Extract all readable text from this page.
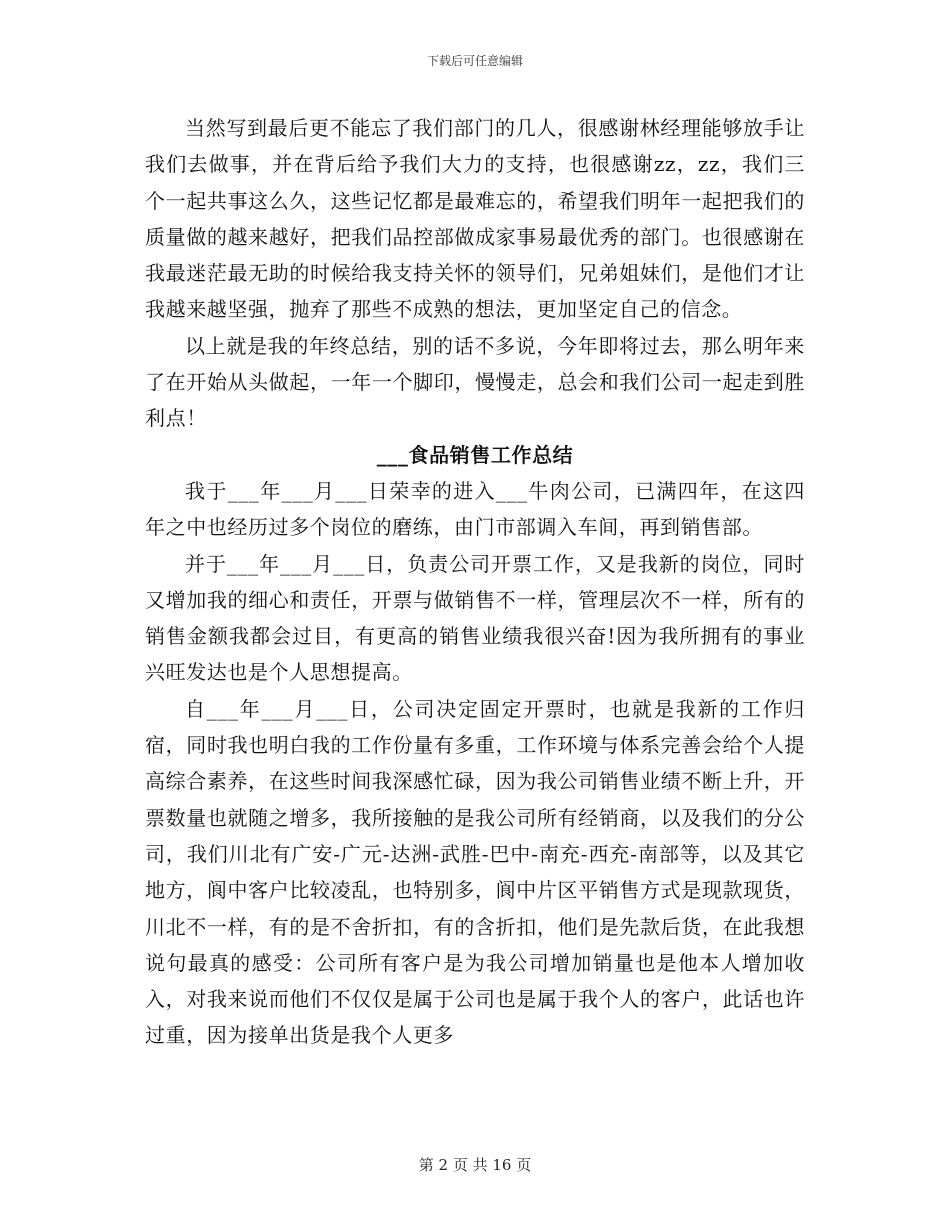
下载后可任意编辑

当然写到最后更不能忘了我们部门的几人，很感谢林经理能够放手让我们去做事，并在背后给予我们大力的支持，也很感谢zz，zz，我们三个一起共事这么久，这些记忆都是最难忘的，希望我们明年一起把我们的质量做的越来越好，把我们品控部做成家事易最优秀的部门。也很感谢在我最迷茫最无助的时候给我支持关怀的领导们，兄弟姐妹们，是他们才让我越来越坚强，抛弃了那些不成熟的想法，更加坚定自己的信念。

以上就是我的年终总结，别的话不多说，今年即将过去，那么明年来了在开始从头做起，一年一个脚印，慢慢走，总会和我们公司一起走到胜利点！

___食品销售工作总结

我于___年___月___日荣幸的进入___牛肉公司，已满四年，在这四年之中也经历过多个岗位的磨练，由门市部调入车间，再到销售部。

并于___年___月___日，负责公司开票工作，又是我新的岗位，同时又增加我的细心和责任，开票与做销售不一样，管理层次不一样，所有的销售金额我都会过目，有更高的销售业绩我很兴奋!因为我所拥有的事业兴旺发达也是个人思想提高。

自___年___月___日，公司决定固定开票时，也就是我新的工作归宿，同时我也明白我的工作份量有多重，工作环境与体系完善会给个人提高综合素养，在这些时间我深感忙碌，因为我公司销售业绩不断上升，开票数量也就随之增多，我所接触的是我公司所有经销商，以及我们的分公司，我们川北有广安-广元-达洲-武胜-巴中-南充-西充-南部等，以及其它地方，阆中客户比较凌乱，也特别多，阆中片区平销售方式是现款现货，川北不一样，有的是不舍折扣，有的含折扣，他们是先款后货，在此我想说句最真的感受：公司所有客户是为我公司增加销量也是他本人增加收入，对我来说而他们不仅仅是属于公司也是属于我个人的客户，此话也许过重，因为接单出货是我个人更多

第 2 页 共 16 页
